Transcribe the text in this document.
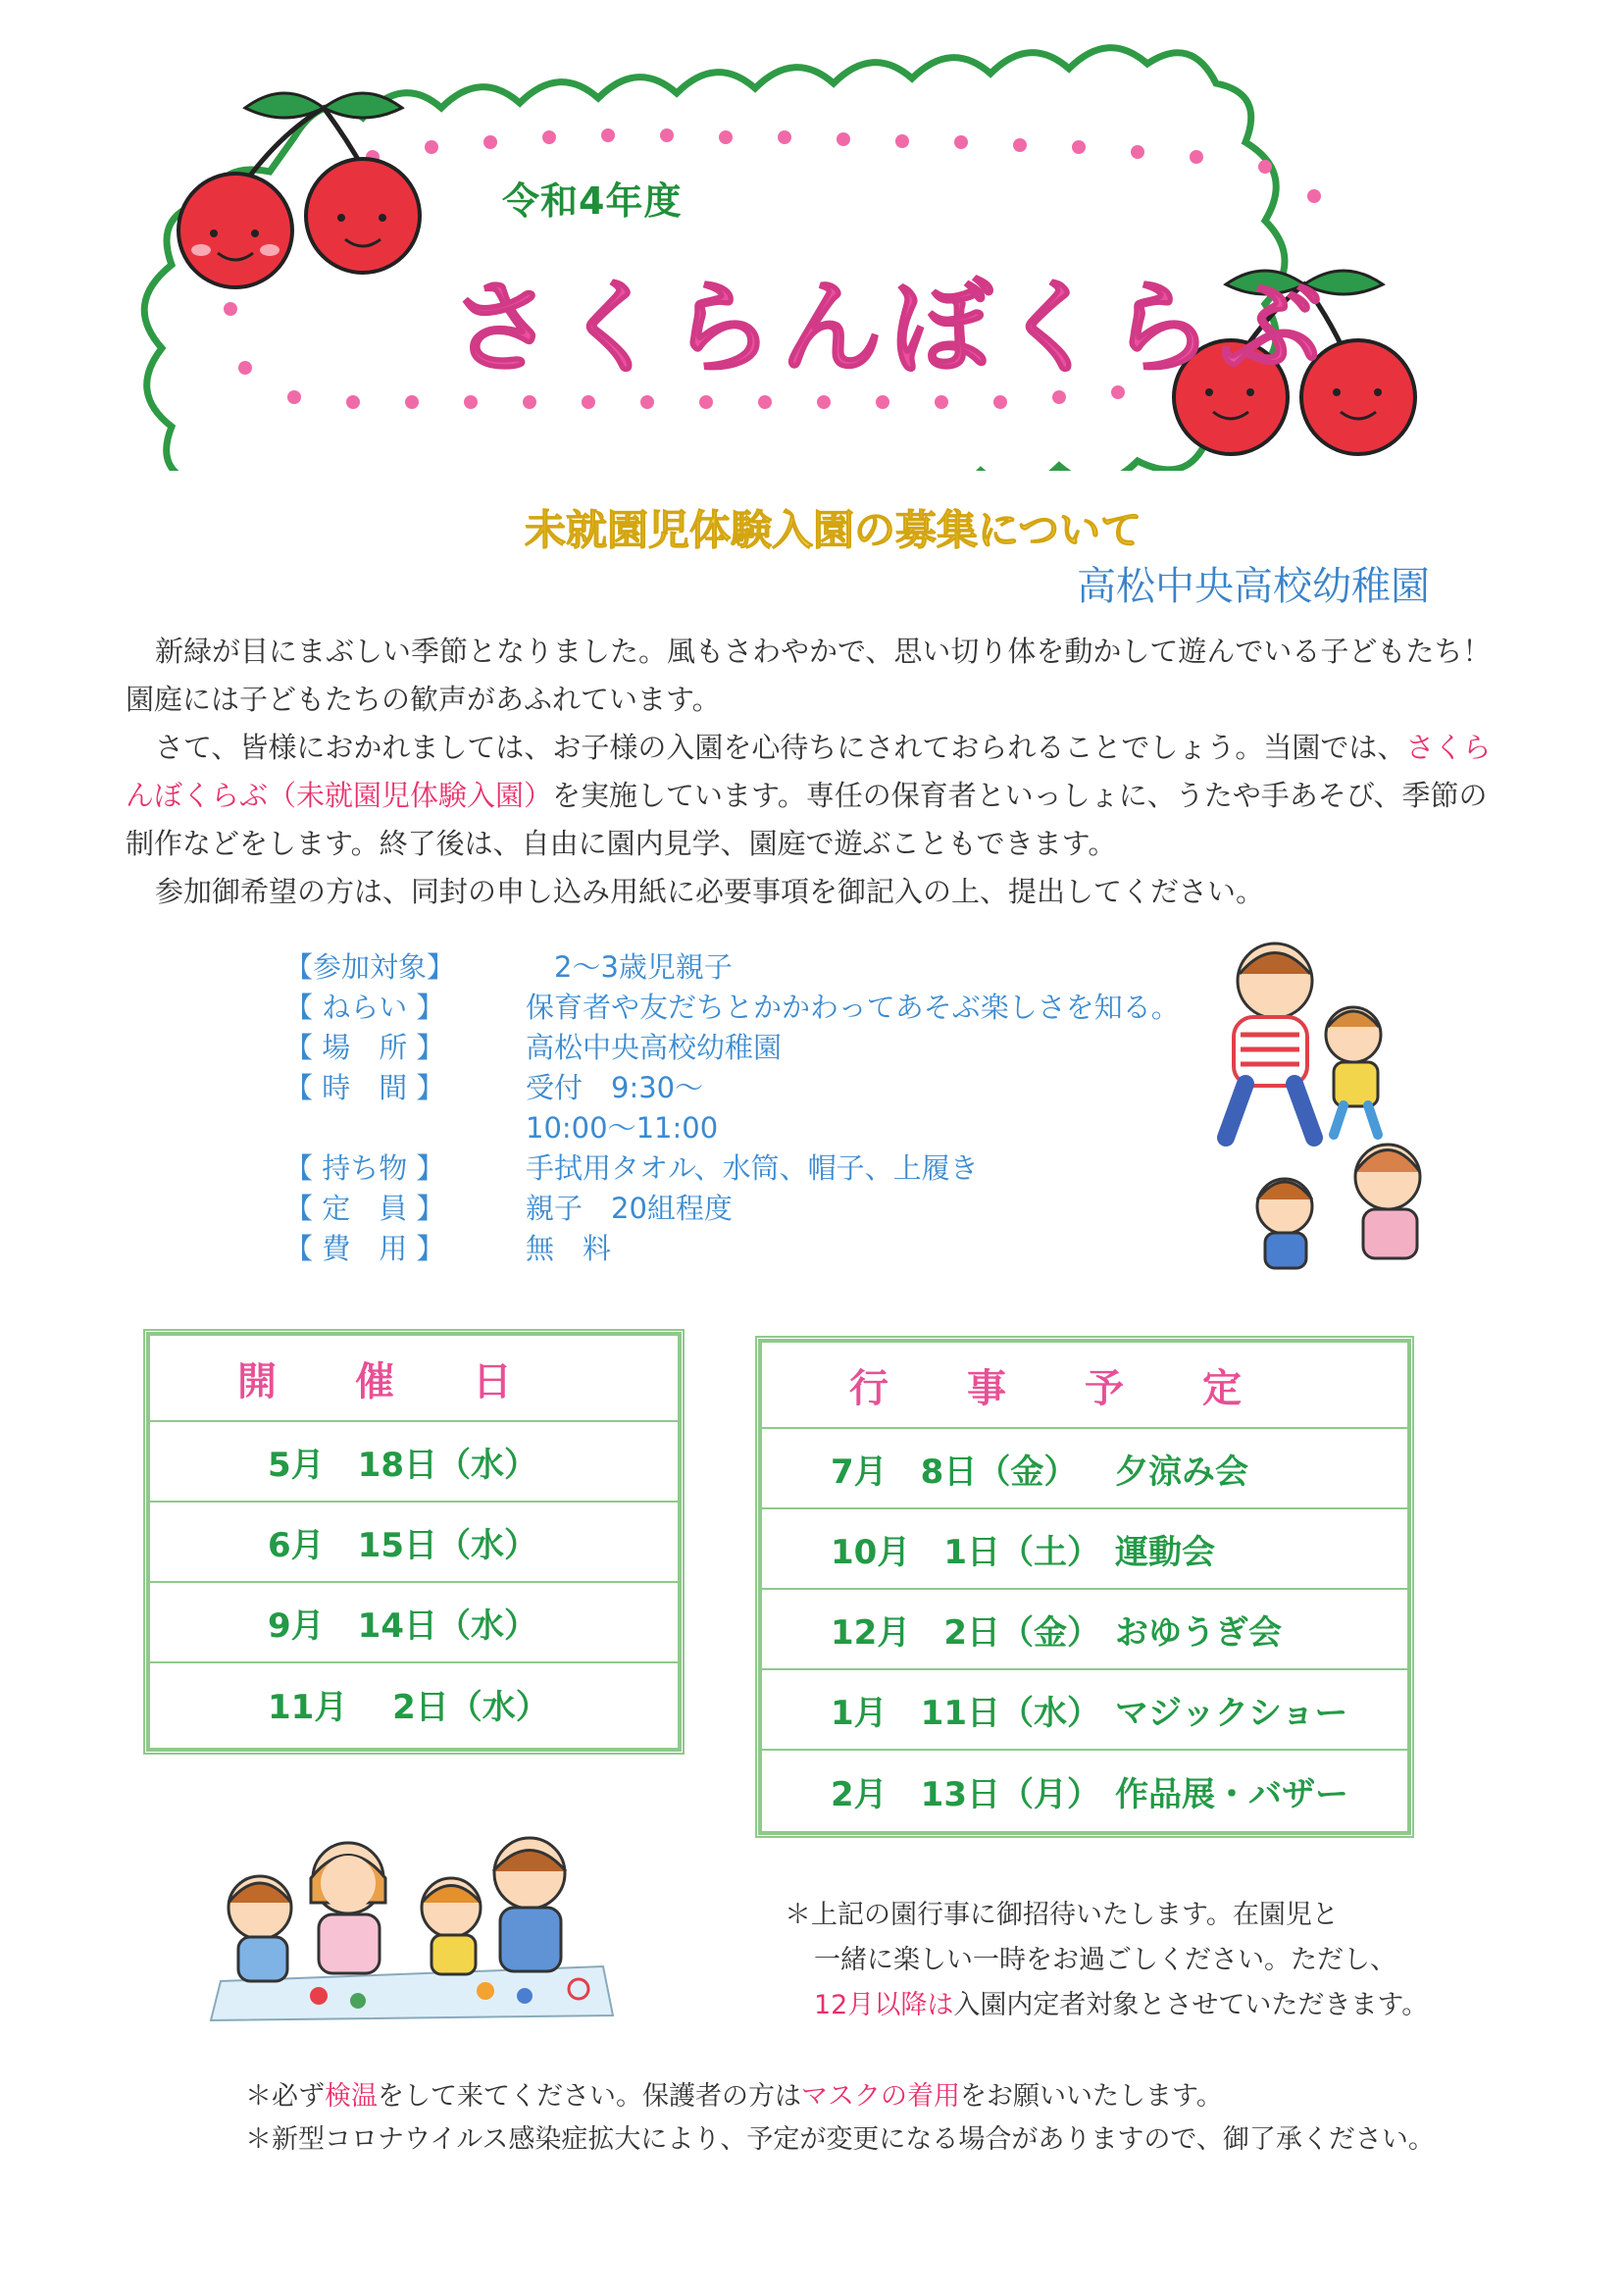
令和4年度
さくらんぼくらぶ
未就園児体験入園の募集について
高松中央高校幼稚園

新緑が目にまぶしい季節となりました。風もさわやかで、思い切り体を動かして遊んでいる子どもたち！

園庭には子どもたちの歓声があふれています。

さて、皆様におかれましては、お子様の入園を心待ちにされておられることでしょう。当園では、さくら

んぼくらぶ（未就園児体験入園）を実施しています。専任の保育者といっしょに、うたや手あそび、季節の

制作などをします。終了後は、自由に園内見学、園庭で遊ぶこともできます。

参加御希望の方は、同封の申し込み用紙に必要事項を御記入の上、提出してください。

【参加対象】	　2～3歳児親子
【 ねらい 】	保育者や友だちとかかわってあそぶ楽しさを知る。
【 場　所 】	高松中央高校幼稚園
【 時　間 】	受付　9:30～
10:00～11:00
【 持ち物 】	手拭用タオル、水筒、帽子、上履き
【 定　員 】	親子　20組程度
【 費　用 】	無　料
開催日
5月　18日（水）
6月　15日（水）
9月　14日（水）
11月　 2日（水）
行事予定
7月　8日（金）	夕涼み会
10月　1日（土） 運動会
12月　2日（金） おゆうぎ会
1月　11日（水） マジックショー
2月　13日（月） 作品展・バザー
＊上記の園行事に御招待いたします。在園児と
一緒に楽しい一時をお過ごしください。ただし、
12月以降は入園内定者対象とさせていただきます。
＊必ず検温をして来てください。保護者の方はマスクの着用をお願いいたします。
＊新型コロナウイルス感染症拡大により、予定が変更になる場合がありますので、御了承ください。
